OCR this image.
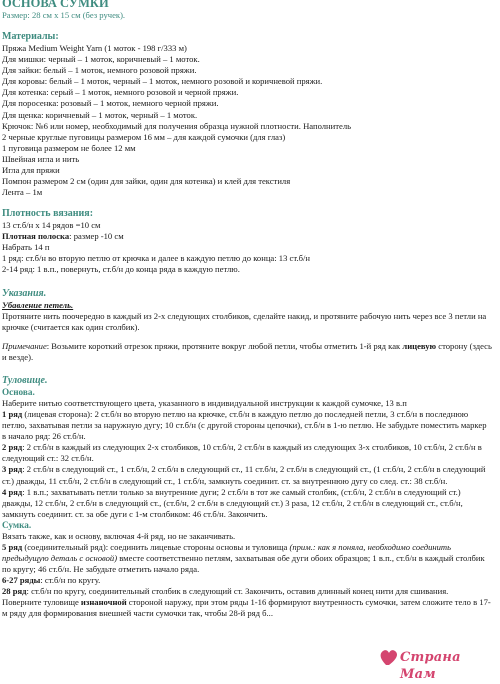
ОСНОВА СУМКИ

Размер: 28 см x 15 см (без ручек).

Материалы:

Пряжа Medium Weight Yarn (1 моток - 198 г/333 м)

Для мишки: черный – 1 моток, коричневый – 1 моток.

Для зайки: белый – 1 моток, немного розовой пряжи.

Для коровы: белый – 1 моток, черный – 1 моток, немного розовой и коричневой пряжи.

Для котенка: серый – 1 моток, немного розовой и черной пряжи.

Для поросенка: розовый – 1 моток, немного черной пряжи.

Для щенка: коричневый – 1 моток, черный – 1 моток.

Крючок: №6 или номер, необходимый для получения образца нужной плотности. Наполнитель

2 черные круглые пуговицы размером 16 мм – для каждой сумочки (для глаз)

1 пуговица размером не более 12 мм

Швейная игла и нить

Игла для пряжи

Помпон размером 2 см (один для зайки, один для котенка) и клей для текстиля

Лента – 1м

Плотность вязания:

13 ст.б/н х 14 рядов =10 см

Плотная полоска: размер -10 см

Набрать 14 п

1 ряд: ст.б/н во вторую петлю от крючка и далее в каждую петлю до конца: 13 ст.б/н

2-14 ряд: 1 в.п., повернуть, ст.б/н до конца ряда в каждую петлю.

Указания.

Убавление петель.

Протяните нить поочередно в каждый из 2-х следующих столбиков, сделайте накид, и протяните рабочую нить через все 3 петли на крючке (считается как один столбик).

Примечание: Возьмите короткий отрезок пряжи, протяните вокруг любой петли, чтобы отметить 1-й ряд как лицевую сторону (здесь и везде).

Туловище.

Основа.

Наберите нитью соответствующего цвета, указанного в индивидуальной инструкции к каждой сумочке, 13 в.п

1 ряд (лицевая сторона): 2 ст.б/н во вторую петлю на крючке, ст.б/н в каждую петлю до последней петли, 3 ст.б/н в последнюю петлю, захватывая петли за наружную дугу; 10 ст.б/н (с другой стороны цепочки), ст.б/н в 1-ю петлю. Не забудьте поместить маркер в начало ряд: 26 ст.б/н.

2 ряд: 2 ст.б/н в каждый из следующих 2-х столбиков, 10 ст.б/н, 2 ст.б/н в каждый из следующих 3-х столбиков, 10 ст.б/н, 2 ст.б/н в следующий ст.: 32 ст.б/н.

3 ряд: 2 ст.б/н в следующий ст., 1 ст.б/н, 2 ст.б/н в следующий ст., 11 ст.б/н, 2 ст.б/н в следующий ст., (1 ст.б/н, 2 ст.б/н в следующий ст.) дважды, 11 ст.б/н, 2 ст.б/н в следующий ст., 1 ст.б/н, замкнуть соединит. ст. за внутреннюю дугу со след. ст.: 38 ст.б/н.

4 ряд: 1 в.п.; захватывать петли только за внутренние дуги; 2 ст.б/н в тот же самый столбик, (ст.б/н, 2 ст.б/н в следующий ст.) дважды, 12 ст.б/н, 2 ст.б/н в следующий ст., (ст.б/н, 2 ст.б/н в следующий ст.) 3 раза, 12 ст.б/н, 2 ст.б/н в следующий ст., ст.б/н, замкнуть соединит. ст. за обе дуги с 1-м столбиком: 46 ст.б/н. Закончить.

Сумка.

Вязать также, как и основу, включая 4-й ряд, но не заканчивать.

5 ряд (соединительный ряд): соединить лицевые стороны основы и туловища (прим.: как я поняла, необходимо соединить предыдущую деталь с основой) вместе соответственно петлям, захватывая обе дуги обоих образцов; 1 в.п., ст.б/н в каждый столбик по кругу; 46 ст.б/н. Не забудьте отметить начало ряда.

6-27 ряды: ст.б/н по кругу.

28 ряд: ст.б/н по кругу, соединительный столбик в следующий ст. Закончить, оставив длинный конец нити для сшивания.

Поверните туловище изнаночной стороной наружу, при этом ряды 1-16 формируют внутренность сумочки, затем сложите тело в 17-м ряду для формирования внешней части сумочки так, чтобы 28-й ряд б...

Страна Мам
